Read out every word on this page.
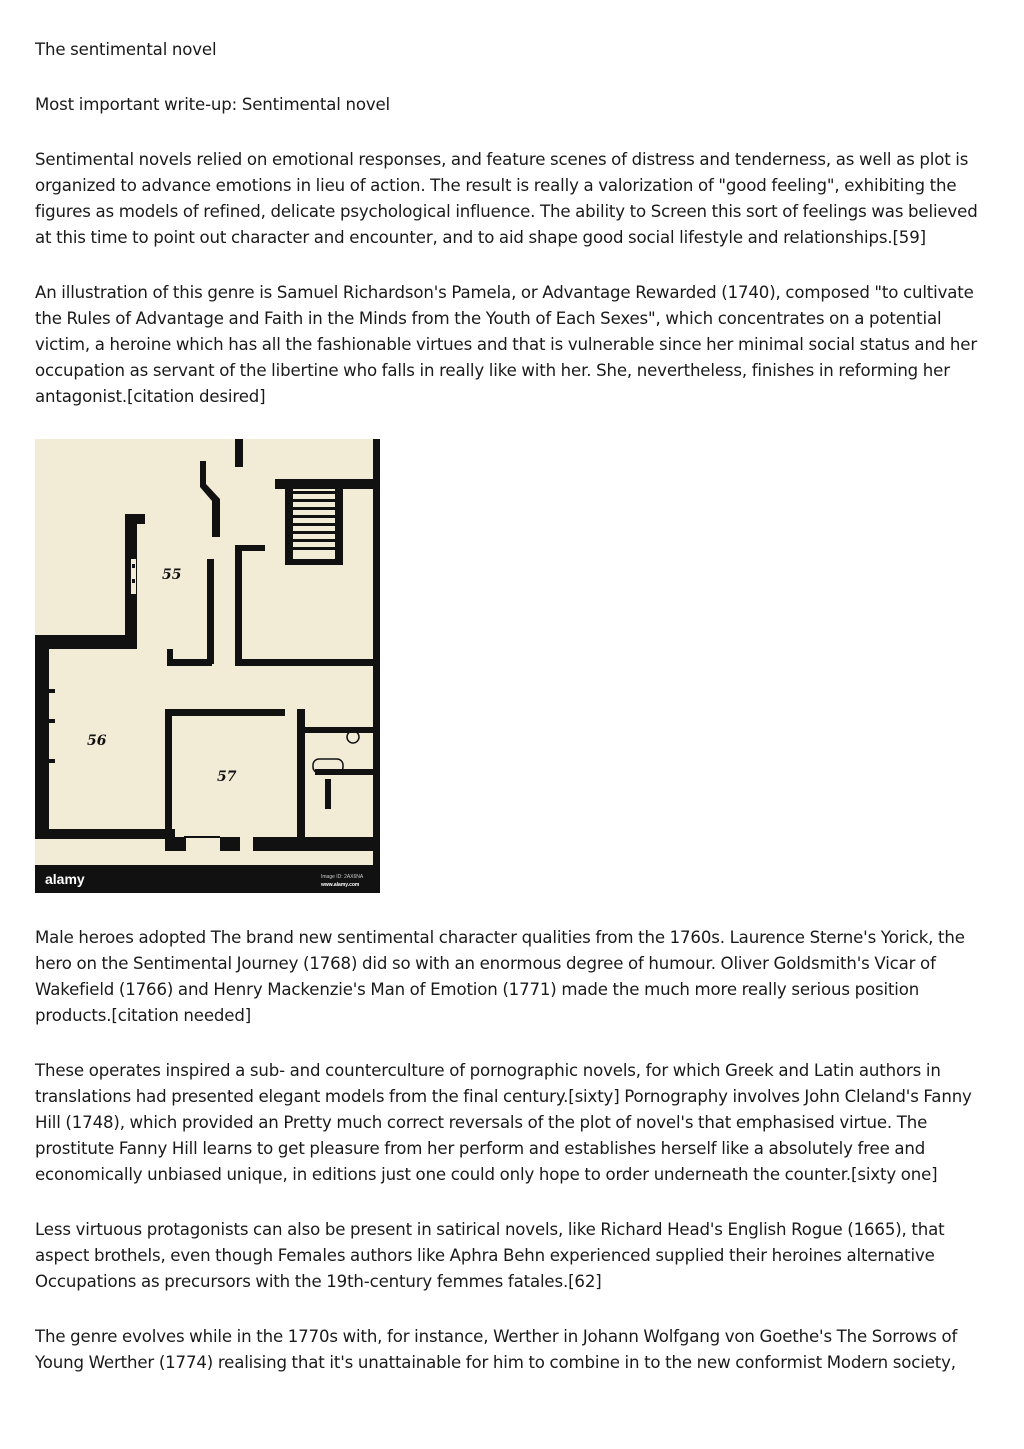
The sentimental novel

Most important write-up: Sentimental novel

Sentimental novels relied on emotional responses, and feature scenes of distress and tenderness, as well as plot is organized to advance emotions in lieu of action. The result is really a valorization of "good feeling", exhibiting the figures as models of refined, delicate psychological influence. The ability to Screen this sort of feelings was believed at this time to point out character and encounter, and to aid shape good social lifestyle and relationships.[59]

An illustration of this genre is Samuel Richardson's Pamela, or Advantage Rewarded (1740), composed "to cultivate the Rules of Advantage and Faith in the Minds from the Youth of Each Sexes", which concentrates on a potential victim, a heroine which has all the fashionable virtues and that is vulnerable since her minimal social status and her occupation as servant of the libertine who falls in really like with her. She, nevertheless, finishes in reforming her antagonist.[citation desired]

55
56
57
alamy	Image ID: 2AX6NA
www.alamy.com

Male heroes adopted The brand new sentimental character qualities from the 1760s. Laurence Sterne's Yorick, the hero on the Sentimental Journey (1768) did so with an enormous degree of humour. Oliver Goldsmith's Vicar of Wakefield (1766) and Henry Mackenzie's Man of Emotion (1771) made the much more really serious position products.[citation needed]

These operates inspired a sub- and counterculture of pornographic novels, for which Greek and Latin authors in translations had presented elegant models from the final century.[sixty] Pornography involves John Cleland's Fanny Hill (1748), which provided an Pretty much correct reversals of the plot of novel's that emphasised virtue. The prostitute Fanny Hill learns to get pleasure from her perform and establishes herself like a absolutely free and economically unbiased unique, in editions just one could only hope to order underneath the counter.[sixty one]

Less virtuous protagonists can also be present in satirical novels, like Richard Head's English Rogue (1665), that aspect brothels, even though Females authors like Aphra Behn experienced supplied their heroines alternative Occupations as precursors with the 19th-century femmes fatales.[62]

The genre evolves while in the 1770s with, for instance, Werther in Johann Wolfgang von Goethe's The Sorrows of Young Werther (1774) realising that it's unattainable for him to combine in to the new conformist Modern society,
